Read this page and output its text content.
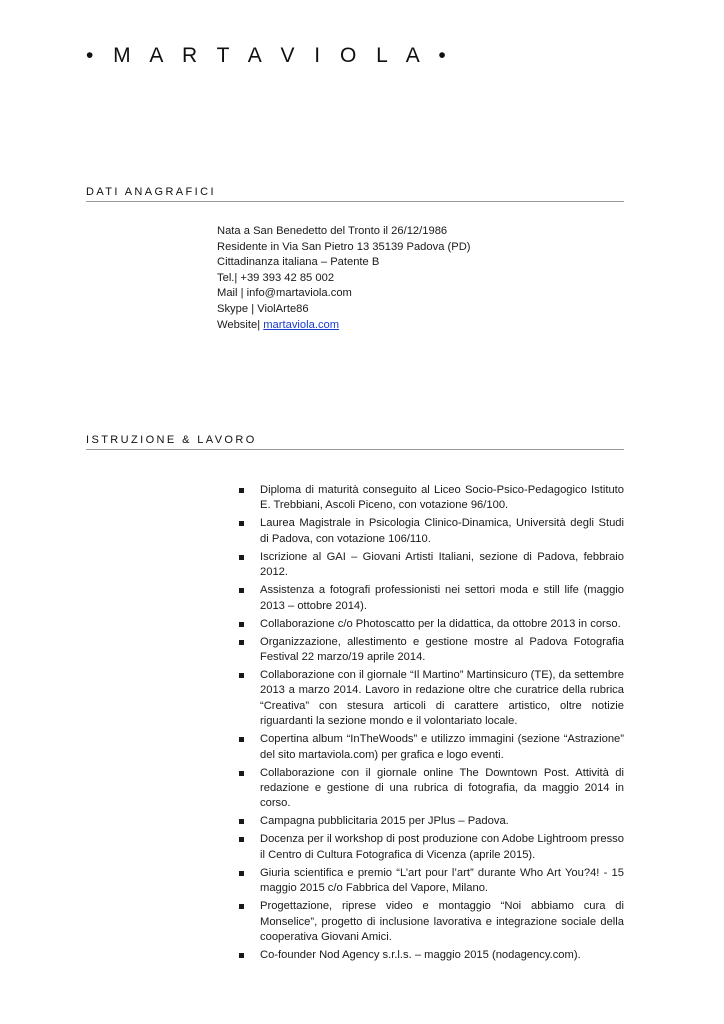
• M A R T A V I O L A •
DATI ANAGRAFICI
Nata a San Benedetto del Tronto il 26/12/1986
Residente in Via San Pietro 13 35139 Padova (PD)
Cittadinanza italiana – Patente B
Tel.| +39 393 42 85 002
Mail | info@martaviola.com
Skype | ViolArte86
Website| martaviola.com
ISTRUZIONE & LAVORO
Diploma di maturità conseguito al Liceo Socio-Psico-Pedagogico Istituto E. Trebbiani, Ascoli Piceno, con votazione 96/100.
Laurea Magistrale in Psicologia Clinico-Dinamica, Università degli Studi di Padova, con votazione 106/110.
Iscrizione al GAI – Giovani Artisti Italiani, sezione di Padova, febbraio 2012.
Assistenza a fotografi professionisti nei settori moda e still life (maggio 2013 – ottobre 2014).
Collaborazione c/o Photoscatto per la didattica, da ottobre 2013 in corso.
Organizzazione, allestimento e gestione mostre al Padova Fotografia Festival 22 marzo/19 aprile 2014.
Collaborazione con il giornale “Il Martino” Martinsicuro (TE), da settembre 2013 a marzo 2014. Lavoro in redazione oltre che curatrice della rubrica “Creativa” con stesura articoli di carattere artistico, oltre notizie riguardanti la sezione mondo e il volontariato locale.
Copertina album “InTheWoods” e utilizzo immagini (sezione “Astrazione” del sito martaviola.com) per grafica e logo eventi.
Collaborazione con il giornale online The Downtown Post. Attività di redazione e gestione di una rubrica di fotografia, da maggio 2014 in corso.
Campagna pubblicitaria 2015 per JPlus – Padova.
Docenza per il workshop di post produzione con Adobe Lightroom presso il Centro di Cultura Fotografica di Vicenza (aprile 2015).
Giuria scientifica e premio “L’art pour l’art” durante Who Art You?4! - 15 maggio 2015 c/o Fabbrica del Vapore, Milano.
Progettazione, riprese video e montaggio “Noi abbiamo cura di Monselice”, progetto di inclusione lavorativa e integrazione sociale della cooperativa Giovani Amici.
Co-founder Nod Agency s.r.l.s. – maggio 2015 (nodagency.com).
